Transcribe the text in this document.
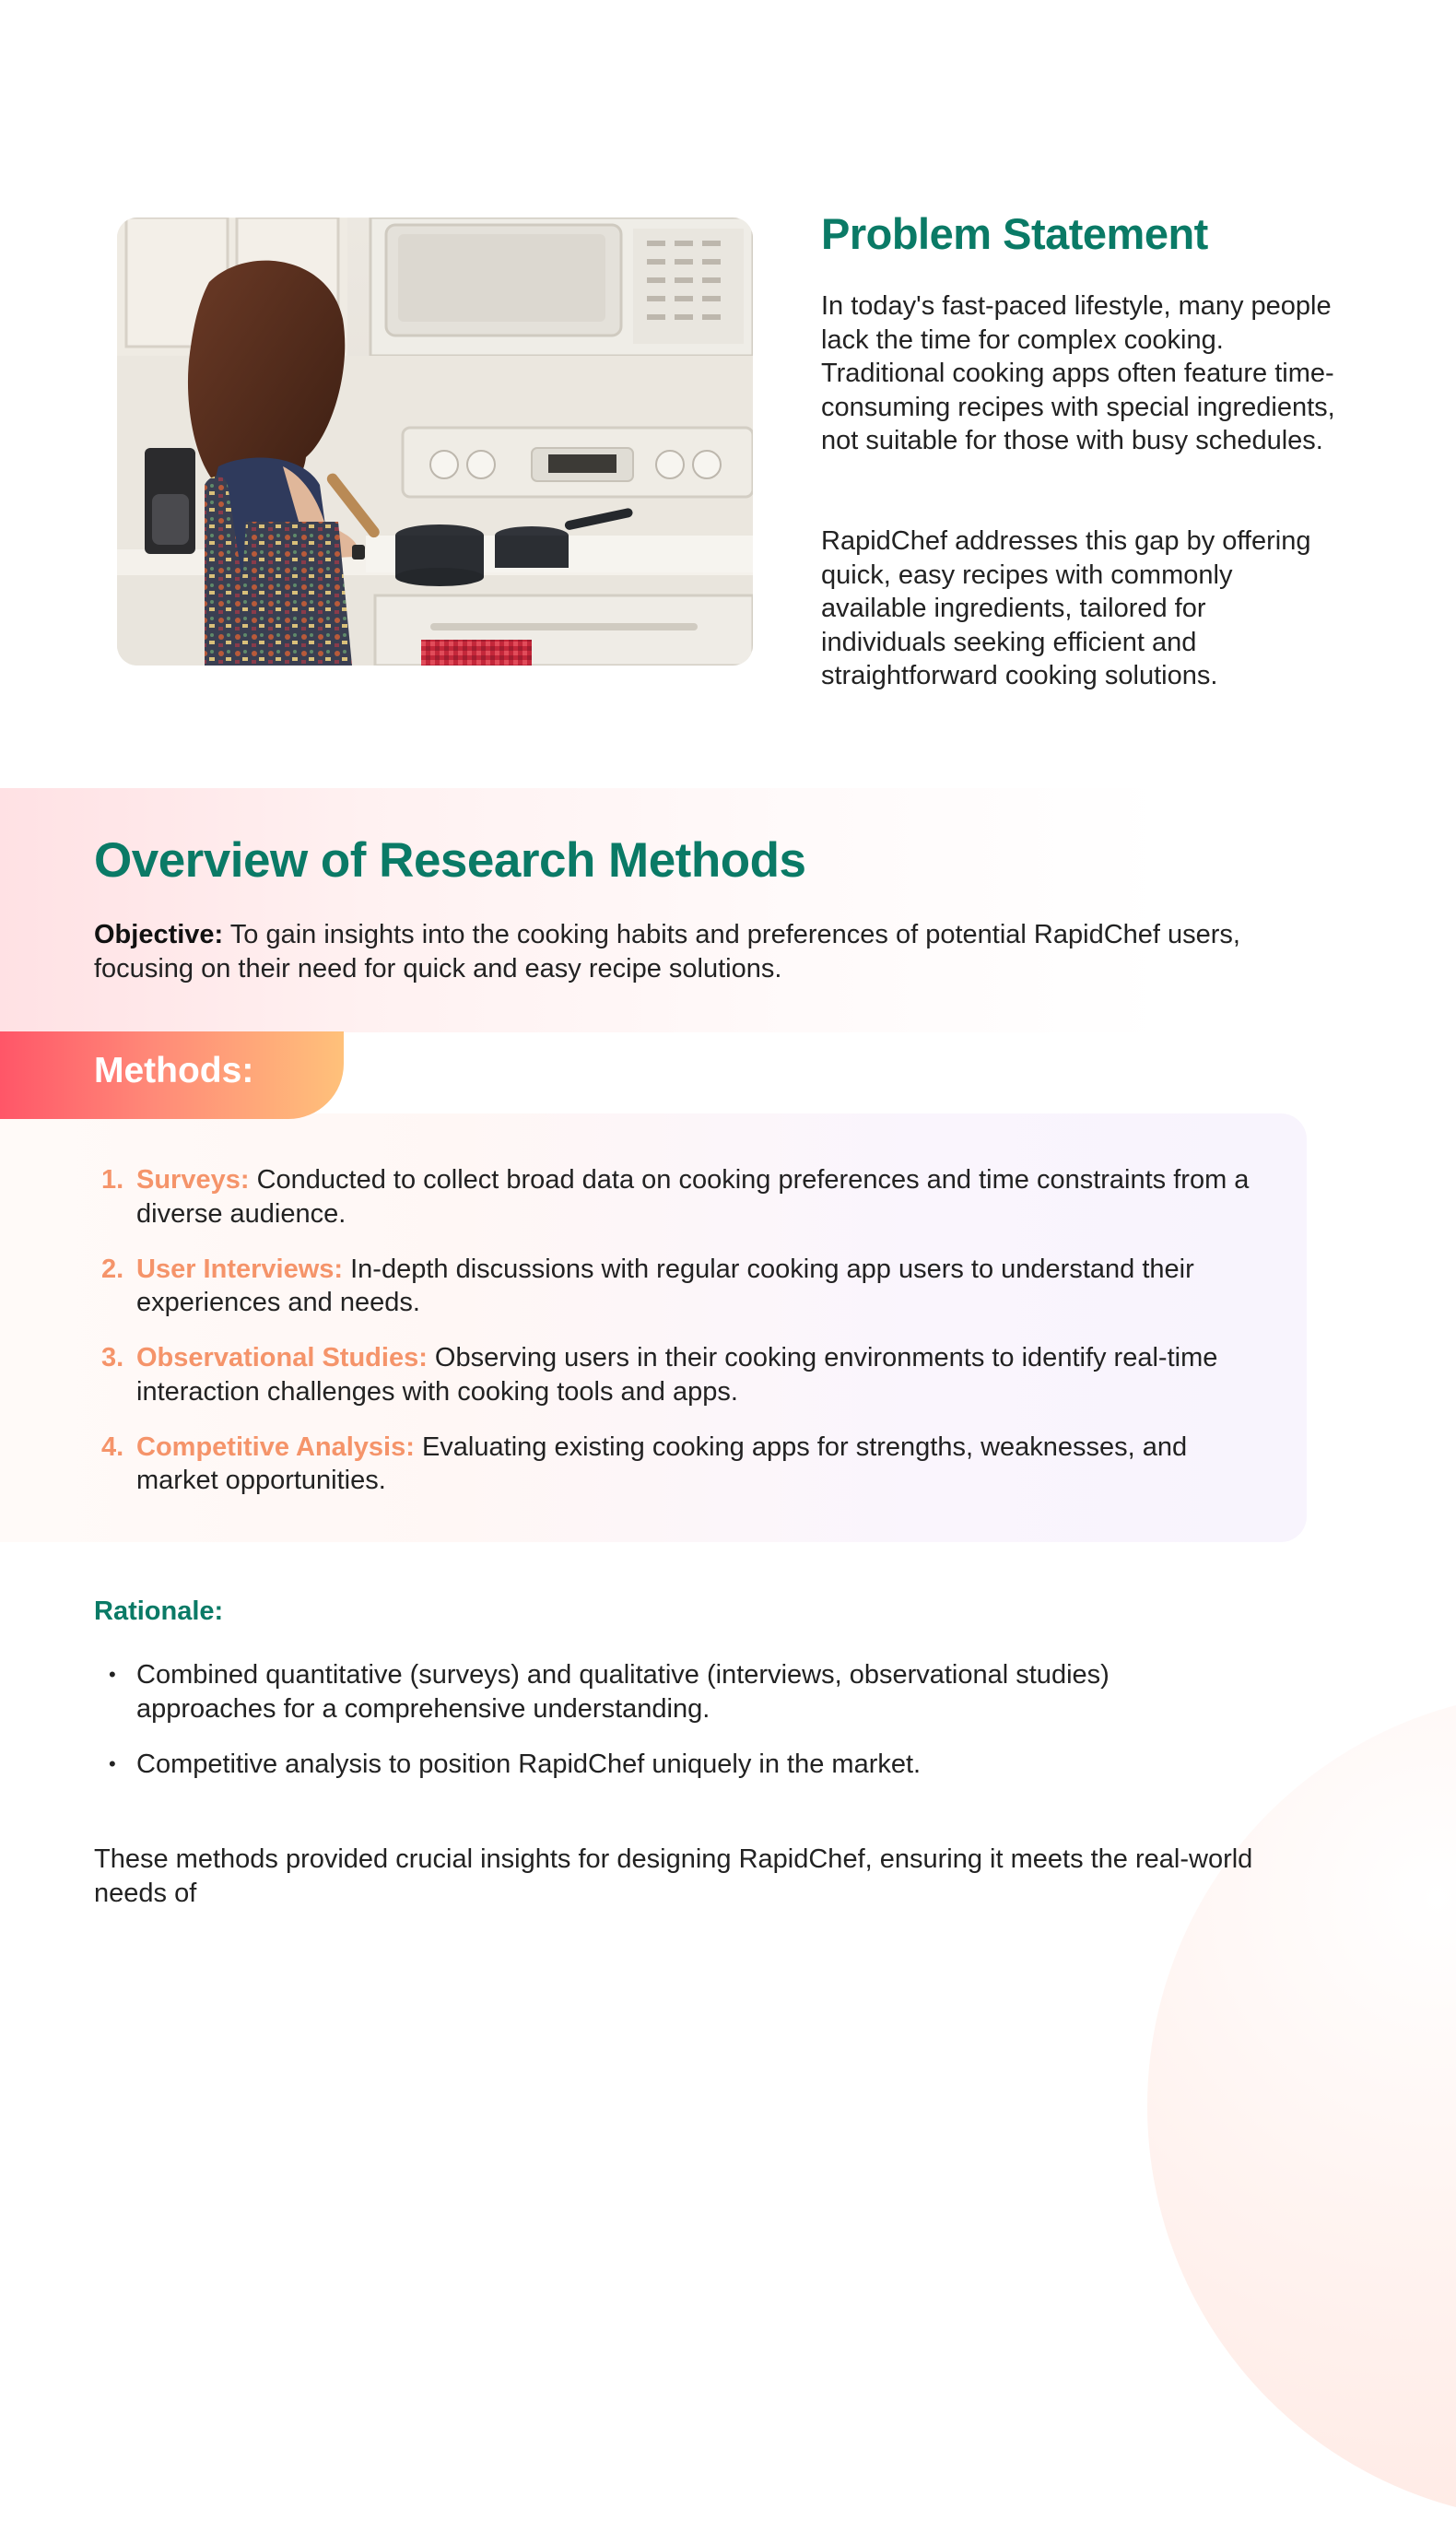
Problem Statement

In today's fast-paced lifestyle, many people lack the time for complex cooking. Traditional cooking apps often feature time-consuming recipes with special ingredients, not suitable for those with busy schedules.

RapidChef addresses this gap by offering quick, easy recipes with commonly available ingredients, tailored for individuals seeking efficient and straightforward cooking solutions.

Overview of Research Methods

Objective: To gain insights into the cooking habits and preferences of potential RapidChef users, focusing on their need for quick and easy recipe solutions.

Methods:
1. Surveys: Conducted to collect broad data on cooking preferences and time constraints from a diverse audience.
2. User Interviews: In-depth discussions with regular cooking app users to understand their experiences and needs.
3. Observational Studies: Observing users in their cooking environments to identify real-time interaction challenges with cooking tools and apps.
4. Competitive Analysis: Evaluating existing cooking apps for strengths, weaknesses, and market opportunities.
Rationale:
• Combined quantitative (surveys) and qualitative (interviews, observational studies) approaches for a comprehensive understanding.
• Competitive analysis to position RapidChef uniquely in the market.

These methods provided crucial insights for designing RapidChef, ensuring it meets the real-world needs of
